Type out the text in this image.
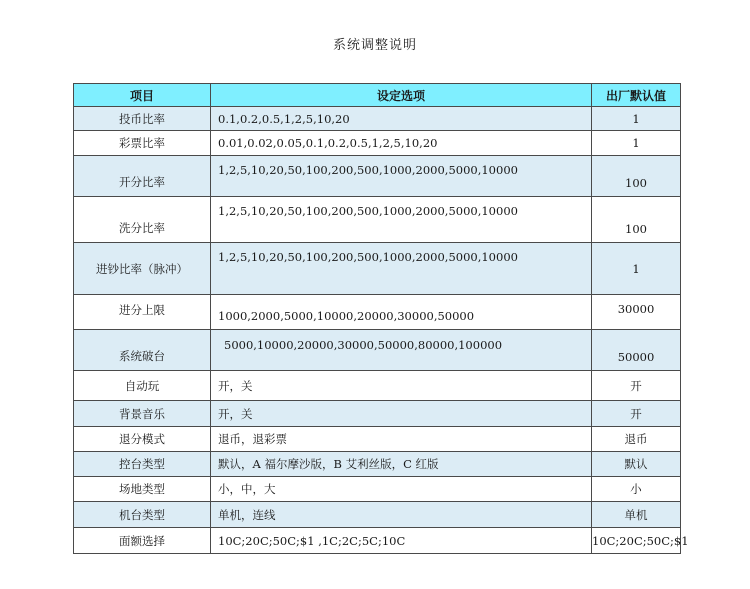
系统调整说明
项目	设定选项	出厂默认值
投币比率	0.1,0.2,0.5,1,2,5,10,20	1
彩票比率	0.01,0.02,0.05,0.1,0.2,0.5,1,2,5,10,20	1
开分比率	1,2,5,10,20,50,100,200,500,1000,2000,5000,10000	100
洗分比率	1,2,5,10,20,50,100,200,500,1000,2000,5000,10000	100
进钞比率（脉冲）	1,2,5,10,20,50,100,200,500,1000,2000,5000,10000	1
进分上限	1000,2000,5000,10000,20000,30000,50000	30000
系统破台	5000,10000,20000,30000,50000,80000,100000	50000
自动玩	开，关	开
背景音乐	开，关	开
退分模式	退币，退彩票	退币
控台类型	默认，A 福尔摩沙版，B 艾利丝版，C 红版	默认
场地类型	小，中，大	小
机台类型	单机，连线	单机
面额选择	10C;20C;50C;$1 ,1C;2C;5C;10C	10C;20C;50C;$1
